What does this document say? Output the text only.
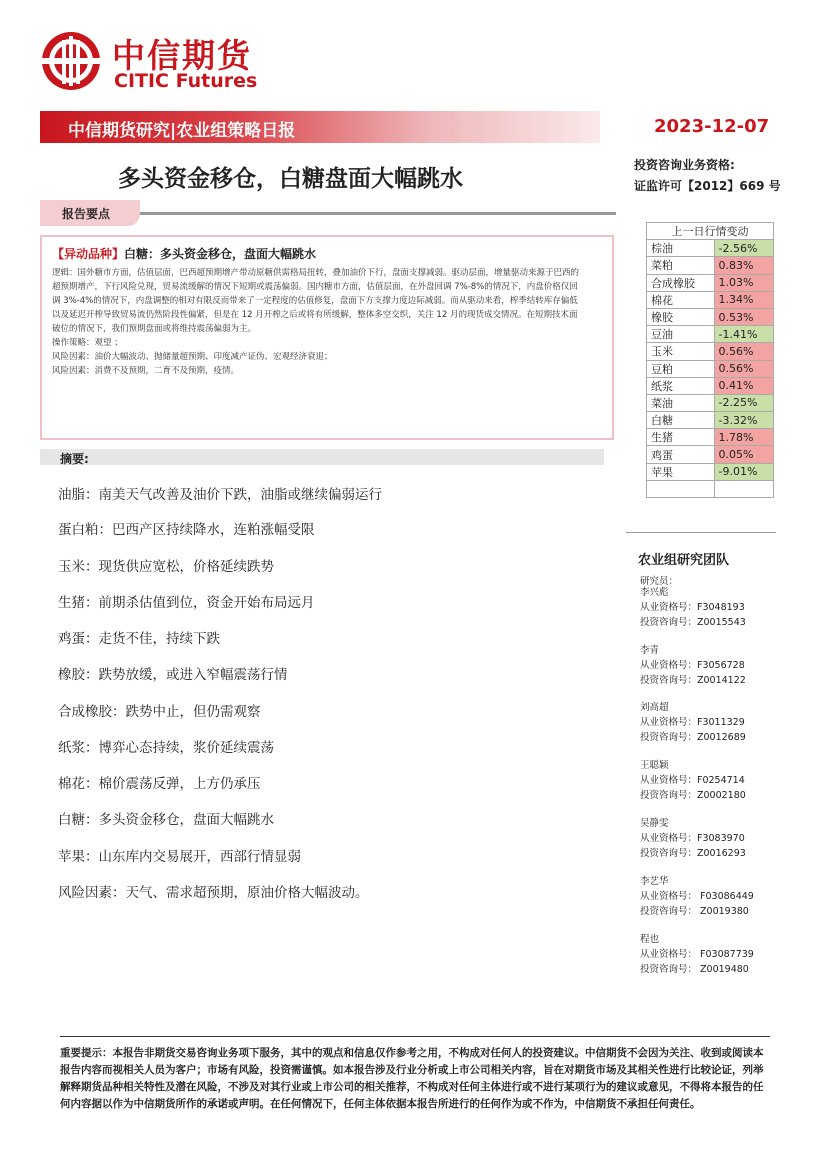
中信期货
CITIC Futures
中信期货研究|农业组策略日报	2023-12-07
多头资金移仓，白糖盘面大幅跳水
投资咨询业务资格:
证监许可【2012】669 号
报告要点
【异动品种】白糖：多头资金移仓，盘面大幅跳水
逻辑：国外糖市方面，估值层面，巴西超预期增产带动原糖供需格局扭转，叠加油价下行，盘面支撑减弱。驱动层面，增量驱动来源于巴西的超预期增产，下行风险兑现，贸易流缓解的情况下短期或震荡偏弱。国内糖市方面，估值层面，在外盘回调 7%-8%的情况下，内盘价格仅回调 3%-4%的情况下，内盘调整的相对有限反而带来了一定程度的估值修复，盘面下方支撑力度边际减弱。而从驱动来看，榨季结转库存偏低以及延迟开榨导致贸易流仍然阶段性偏紧，但是在 12 月开榨之后或将有所缓解，整体多空交织，关注 12 月的现货成交情况。在短期技术面破位的情况下，我们预期盘面或将维持震荡偏弱为主。
操作策略：观望 ；
风险因素：油价大幅波动、抛储量超预期、印度减产证伪、宏观经济衰退；
风险因素：消费不及预期，二育不及预期，疫情。
摘要:
油脂：南美天气改善及油价下跌，油脂或继续偏弱运行
蛋白粕：巴西产区持续降水，连粕涨幅受限
玉米：现货供应宽松，价格延续跌势
生猪：前期杀估值到位，资金开始布局远月
鸡蛋：走货不佳，持续下跌
橡胶：跌势放缓，或进入窄幅震荡行情
合成橡胶：跌势中止，但仍需观察
纸浆：博弈心态持续，浆价延续震荡
棉花：棉价震荡反弹，上方仍承压
白糖：多头资金移仓，盘面大幅跳水
苹果：山东库内交易展开，西部行情显弱
风险因素：天气、需求超预期，原油价格大幅波动。
上一日行情变动	
棕油	-2.56%
菜粕	0.83%
合成橡胶	1.03%
棉花	1.34%
橡胶	0.53%
豆油	-1.41%
玉米	0.56%
豆粕	0.56%
纸浆	0.41%
菜油	-2.25%
白糖	-3.32%
生猪	1.78%
鸡蛋	0.05%
苹果	-9.01%

农业组研究团队
研究员：
李兴彪
从业资格号：F3048193
投资咨询号：Z0015543
李青
从业资格号：F3056728
投资咨询号：Z0014122
刘高超
从业资格号：F3011329
投资咨询号：Z0012689
王聪颖
从业资格号：F0254714
投资咨询号：Z0002180
吴静雯
从业资格号：F3083970
投资咨询号：Z0016293
李艺华
从业资格号： F03086449
投资咨询号： Z0019380
程也
从业资格号： F03087739
投资咨询号： Z0019480
重要提示：本报告非期货交易咨询业务项下服务，其中的观点和信息仅作参考之用，不构成对任何人的投资建议。中信期货不会因为关注、收到或阅读本报告内容而视相关人员为客户；市场有风险，投资需谨慎。如本报告涉及行业分析或上市公司相关内容，旨在对期货市场及其相关性进行比较论证，列举解释期货品种相关特性及潜在风险，不涉及对其行业或上市公司的相关推荐，不构成对任何主体进行或不进行某项行为的建议或意见，不得将本报告的任何内容据以作为中信期货所作的承诺或声明。在任何情况下，任何主体依据本报告所进行的任何作为或不作为，中信期货不承担任何责任。
